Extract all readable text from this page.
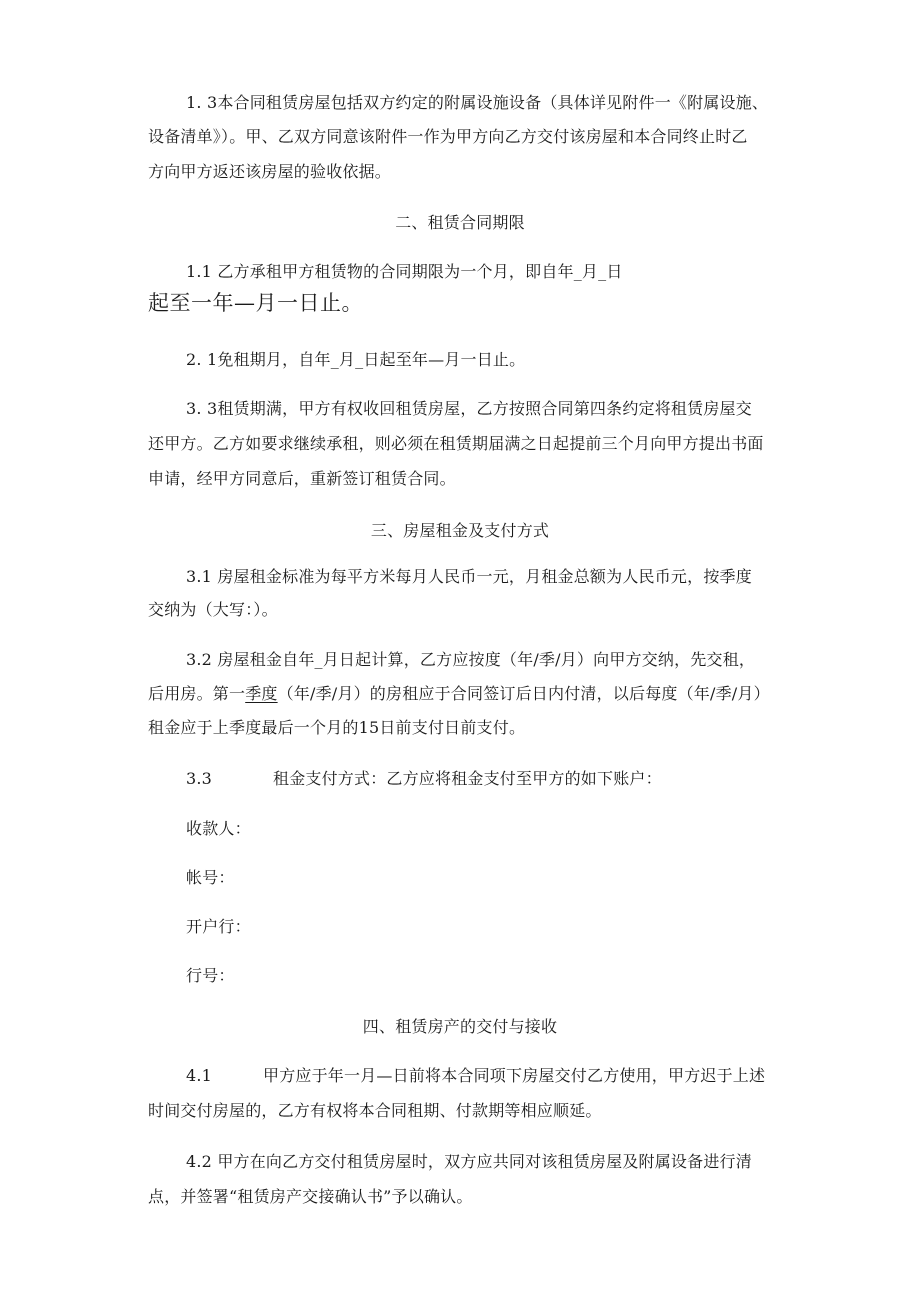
1. 3本合同租赁房屋包括双方约定的附属设施设备（具体详见附件一《附属设施、
设备清单》）。甲、乙双方同意该附件一作为甲方向乙方交付该房屋和本合同终止时乙
方向甲方返还该房屋的验收依据。
二、租赁合同期限
1.1 乙方承租甲方租赁物的合同期限为一个月，即自年_月_日
起至一年—月一日止。
2. 1免租期月，自年_月_日起至年—月一日止。
3. 3租赁期满，甲方有权收回租赁房屋，乙方按照合同第四条约定将租赁房屋交
还甲方。乙方如要求继续承租，则必须在租赁期届满之日起提前三个月向甲方提出书面
申请，经甲方同意后，重新签订租赁合同。
三、房屋租金及支付方式
3.1 房屋租金标准为每平方米每月人民币一元，月租金总额为人民币元，按季度
交纳为（大写：）。
3.2 房屋租金自年_月日起计算，乙方应按度（年/季/月）向甲方交纳，先交租，
后用房。第一季度（年/季/月）的房租应于合同签订后日内付清，以后每度（年/季/月）
租金应于上季度最后一个月的15日前支付日前支付。
3.3	租金支付方式：乙方应将租金支付至甲方的如下账户：
收款人：
帐号：
开户行：
行号：
四、租赁房产的交付与接收
4.1	甲方应于年一月—日前将本合同项下房屋交付乙方使用，甲方迟于上述
时间交付房屋的，乙方有权将本合同租期、付款期等相应顺延。
4.2 甲方在向乙方交付租赁房屋时，双方应共同对该租赁房屋及附属设备进行清
点，并签署“租赁房产交接确认书”予以确认。
